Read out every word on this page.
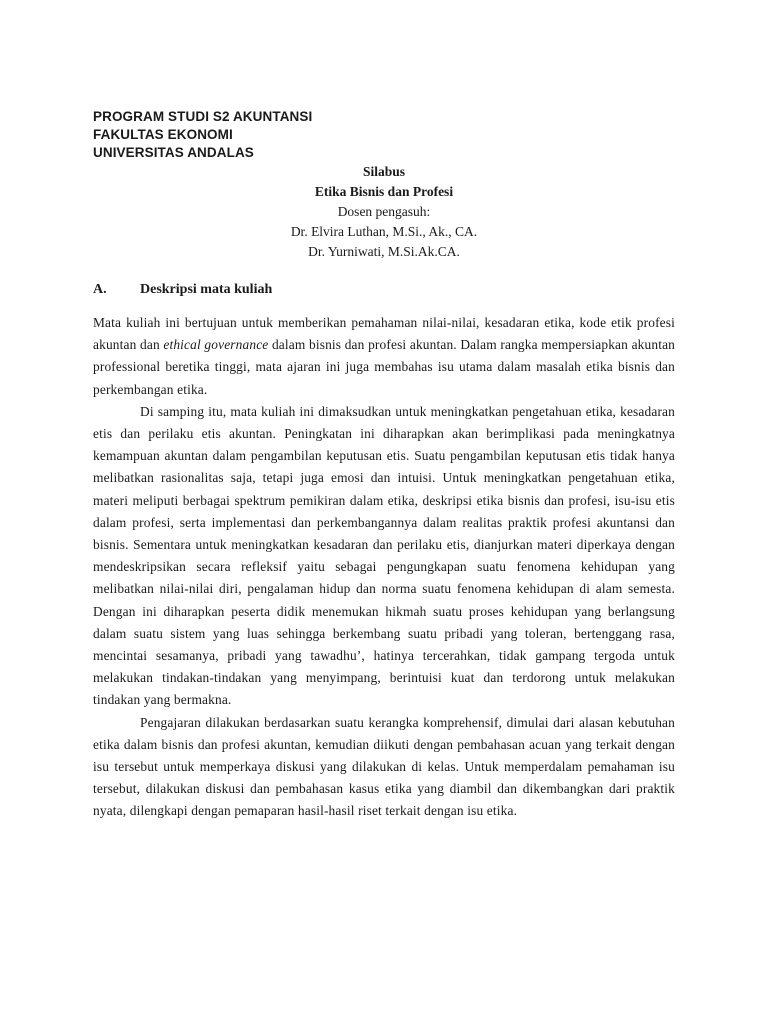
PROGRAM STUDI S2 AKUNTANSI
FAKULTAS EKONOMI
UNIVERSITAS ANDALAS
Silabus
Etika Bisnis dan Profesi
Dosen pengasuh:
Dr. Elvira Luthan, M.Si., Ak., CA.
Dr. Yurniwati, M.Si.Ak.CA.
A.	Deskripsi mata kuliah

Mata kuliah ini bertujuan untuk memberikan pemahaman nilai-nilai, kesadaran etika, kode etik profesi akuntan dan ethical governance dalam bisnis dan profesi akuntan. Dalam rangka mempersiapkan akuntan professional beretika tinggi, mata ajaran ini juga membahas isu utama dalam masalah etika bisnis dan perkembangan etika.

Di samping itu, mata kuliah ini dimaksudkan untuk meningkatkan pengetahuan etika, kesadaran etis dan perilaku etis akuntan. Peningkatan ini diharapkan akan berimplikasi pada meningkatnya kemampuan akuntan dalam pengambilan keputusan etis. Suatu pengambilan keputusan etis tidak hanya melibatkan rasionalitas saja, tetapi juga emosi dan intuisi. Untuk meningkatkan pengetahuan etika, materi meliputi berbagai spektrum pemikiran dalam etika, deskripsi etika bisnis dan profesi, isu-isu etis dalam profesi, serta implementasi dan perkembangannya dalam realitas praktik profesi akuntansi dan bisnis. Sementara untuk meningkatkan kesadaran dan perilaku etis, dianjurkan materi diperkaya dengan mendeskripsikan secara refleksif yaitu sebagai pengungkapan suatu fenomena kehidupan yang melibatkan nilai-nilai diri, pengalaman hidup dan norma suatu fenomena kehidupan di alam semesta. Dengan ini diharapkan peserta didik menemukan hikmah suatu proses kehidupan yang berlangsung dalam suatu sistem yang luas sehingga berkembang suatu pribadi yang toleran, bertenggang rasa, mencintai sesamanya, pribadi yang tawadhu’, hatinya tercerahkan, tidak gampang tergoda untuk melakukan tindakan-tindakan yang menyimpang, berintuisi kuat dan terdorong untuk melakukan tindakan yang bermakna.

Pengajaran dilakukan berdasarkan suatu kerangka komprehensif, dimulai dari alasan kebutuhan etika dalam bisnis dan profesi akuntan, kemudian diikuti dengan pembahasan acuan yang terkait dengan isu tersebut untuk memperkaya diskusi yang dilakukan di kelas. Untuk memperdalam pemahaman isu tersebut, dilakukan diskusi dan pembahasan kasus etika yang diambil dan dikembangkan dari praktik nyata, dilengkapi dengan pemaparan hasil-hasil riset terkait dengan isu etika.
